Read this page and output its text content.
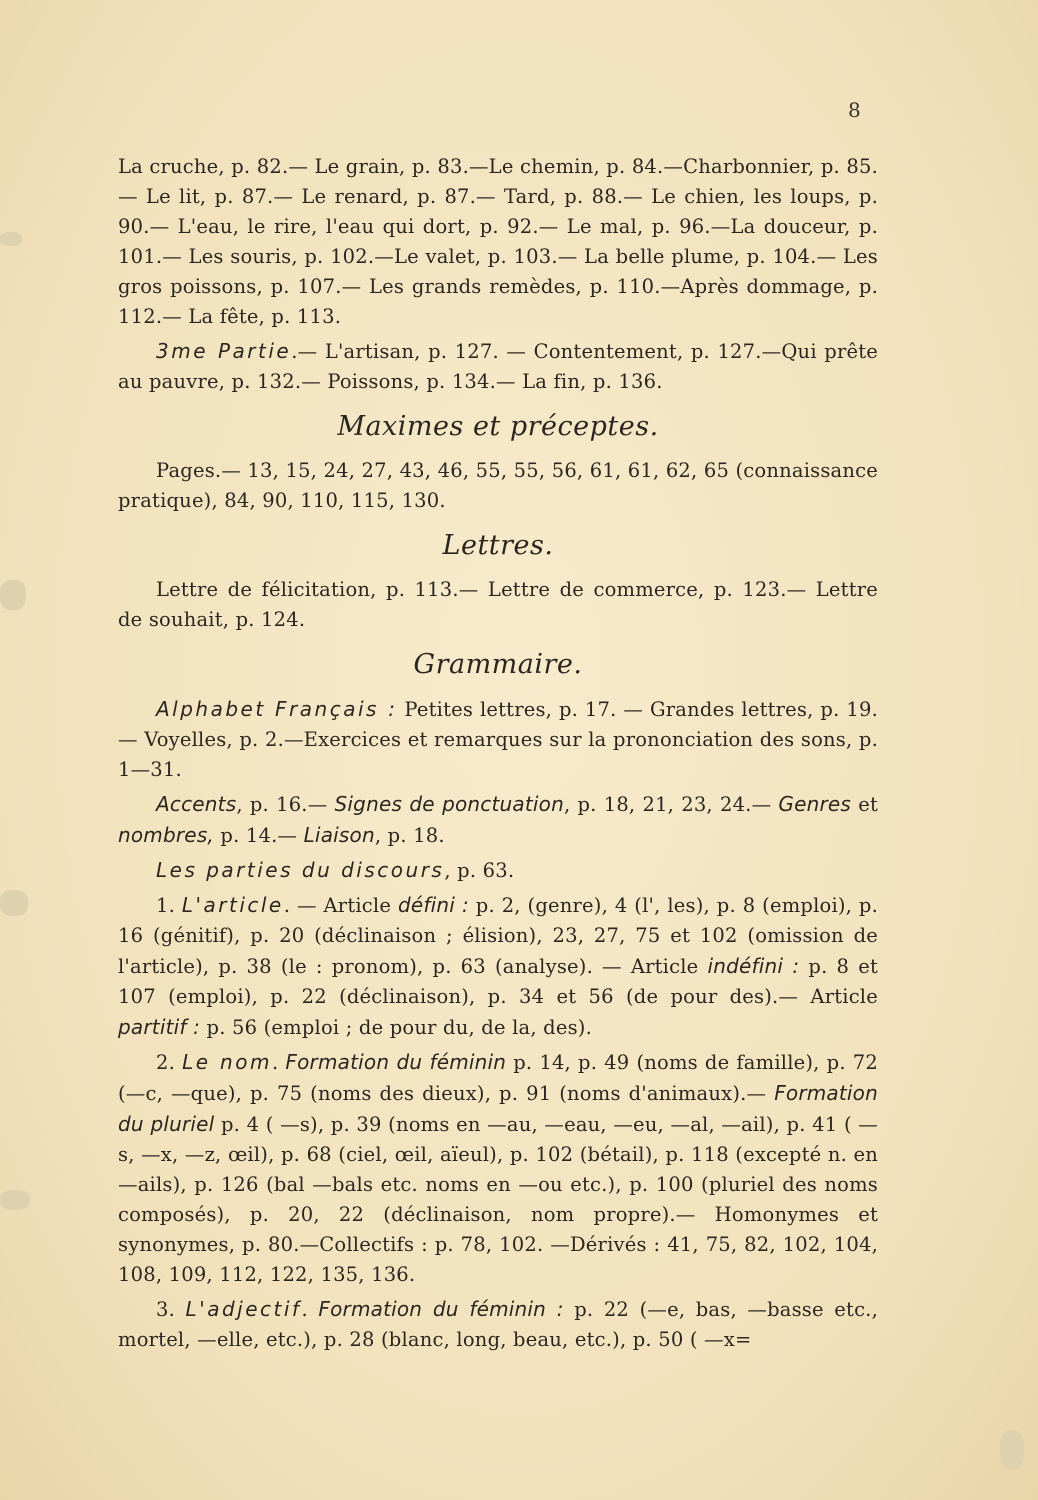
8

La cruche, p. 82.— Le grain, p. 83.—Le chemin, p. 84.—Charbonnier, p. 85.— Le lit, p. 87.— Le renard, p. 87.— Tard, p. 88.— Le chien, les loups, p. 90.— L'eau, le rire, l'eau qui dort, p. 92.— Le mal, p. 96.—La douceur, p. 101.— Les souris, p. 102.—Le valet, p. 103.— La belle plume, p. 104.— Les gros poissons, p. 107.— Les grands remèdes, p. 110.—Après dommage, p. 112.— La fête, p. 113.

3me Partie.— L'artisan, p. 127. — Contentement, p. 127.—Qui prête au pauvre, p. 132.— Poissons, p. 134.— La fin, p. 136.

Maximes et préceptes.

Pages.— 13, 15, 24, 27, 43, 46, 55, 55, 56, 61, 61, 62, 65 (connaissance pratique), 84, 90, 110, 115, 130.

Lettres.

Lettre de félicitation, p. 113.— Lettre de commerce, p. 123.— Lettre de souhait, p. 124.

Grammaire.

Alphabet Français : Petites lettres, p. 17. — Grandes lettres, p. 19.— Voyelles, p. 2.—Exercices et remarques sur la prononciation des sons, p. 1—31.

Accents, p. 16.— Signes de ponctuation, p. 18, 21, 23, 24.— Genres et nombres, p. 14.— Liaison, p. 18.

Les parties du discours, p. 63.

1. L'article. — Article défini : p. 2, (genre), 4 (l', les), p. 8 (emploi), p. 16 (génitif), p. 20 (déclinaison ; élision), 23, 27, 75 et 102 (omission de l'article), p. 38 (le : pronom), p. 63 (analyse). — Article indéfini : p. 8 et 107 (emploi), p. 22 (déclinaison), p. 34 et 56 (de pour des).— Article partitif : p. 56 (emploi ; de pour du, de la, des).

2. Le nom. Formation du féminin p. 14, p. 49 (noms de famille), p. 72 (—c, —que), p. 75 (noms des dieux), p. 91 (noms d'animaux).— Formation du pluriel p. 4 ( —s), p. 39 (noms en —au, —eau, —eu, —al, —ail), p. 41 ( —s, —x, —z, œil), p. 68 (ciel, œil, aïeul), p. 102 (bétail), p. 118 (excepté n. en —ails), p. 126 (bal —bals etc. noms en —ou etc.), p. 100 (pluriel des noms composés), p. 20, 22 (déclinaison, nom propre).— Homonymes et synonymes, p. 80.—Collectifs : p. 78, 102. —Dérivés : 41, 75, 82, 102, 104, 108, 109, 112, 122, 135, 136.

3. L'adjectif. Formation du féminin : p. 22 (—e, bas, —basse etc., mortel, —elle, etc.), p. 28 (blanc, long, beau, etc.), p. 50 ( —x=
